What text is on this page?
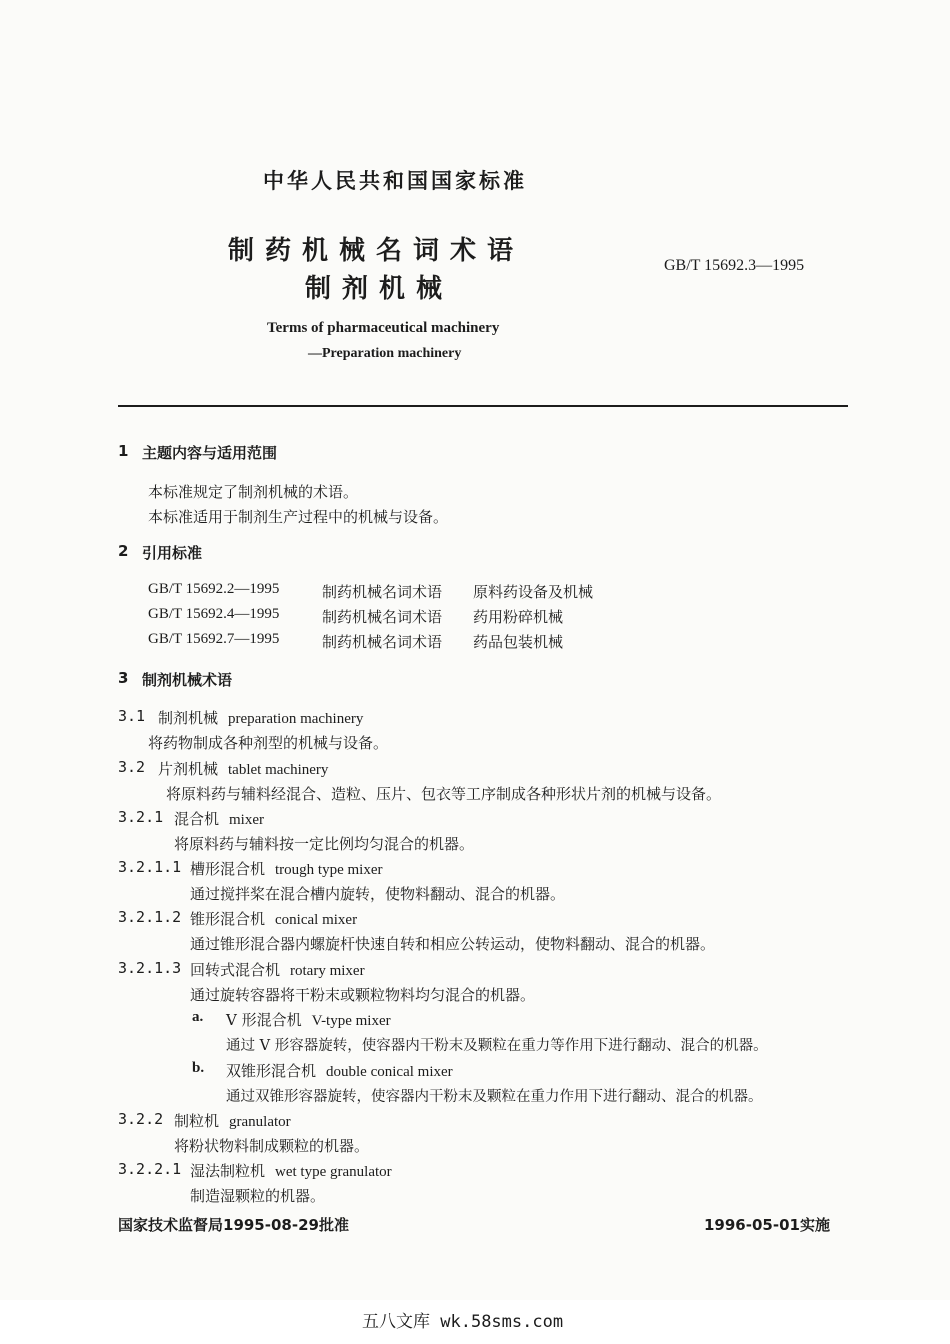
中华人民共和国国家标准
制药机械名词术语
制剂机械
GB/T 15692.3—1995
Terms of pharmaceutical machinery
—Preparation machinery
1 主题内容与适用范围
本标准规定了制剂机械的术语。
本标准适用于制剂生产过程中的机械与设备。
2 引用标准
GB/T 15692.2—1995	制药机械名词术语 原料药设备及机械
GB/T 15692.4—1995	制药机械名词术语 药用粉碎机械
GB/T 15692.7—1995	制药机械名词术语 药品包装机械
3 制剂机械术语
3.1 制剂机械 preparation machinery
将药物制成各种剂型的机械与设备。
3.2 片剂机械 tablet machinery
将原料药与辅料经混合、造粒、压片、包衣等工序制成各种形状片剂的机械与设备。
3.2.1 混合机 mixer
将原料药与辅料按一定比例均匀混合的机器。
3.2.1.1 槽形混合机 trough type mixer
通过搅拌桨在混合槽内旋转，使物料翻动、混合的机器。
3.2.1.2 锥形混合机 conical mixer
通过锥形混合器内螺旋杆快速自转和相应公转运动，使物料翻动、混合的机器。
3.2.1.3 回转式混合机 rotary mixer
通过旋转容器将干粉末或颗粒物料均匀混合的机器。
a. V 形混合机 V-type mixer
通过 V 形容器旋转，使容器内干粉末及颗粒在重力等作用下进行翻动、混合的机器。
b. 双锥形混合机 double conical mixer
通过双锥形容器旋转，使容器内干粉末及颗粒在重力作用下进行翻动、混合的机器。
3.2.2 制粒机 granulator
将粉状物料制成颗粒的机器。
3.2.2.1 湿法制粒机 wet type granulator
制造湿颗粒的机器。
国家技术监督局1995-08-29批准	1996-05-01实施
五八文库 wk.58sms.com
